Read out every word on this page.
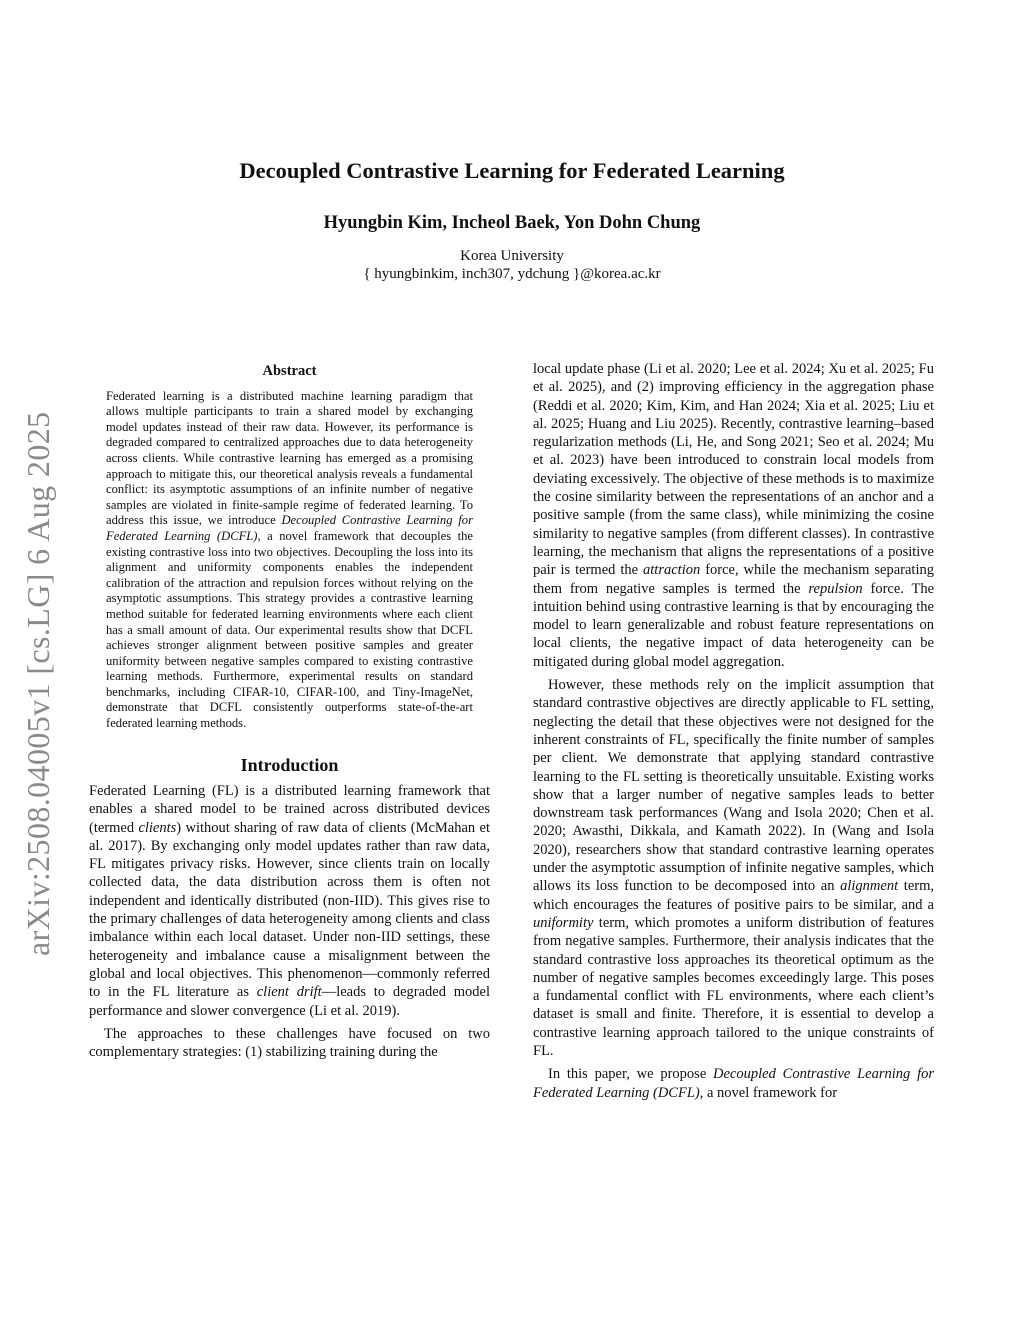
arXiv:2508.04005v1 [cs.LG] 6 Aug 2025
Decoupled Contrastive Learning for Federated Learning
Hyungbin Kim, Incheol Baek, Yon Dohn Chung
Korea University
{ hyungbinkim, inch307, ydchung }@korea.ac.kr
Abstract

Federated learning is a distributed machine learning paradigm that allows multiple participants to train a shared model by exchanging model updates instead of their raw data. However, its performance is degraded compared to centralized approaches due to data heterogeneity across clients. While contrastive learning has emerged as a promising approach to mitigate this, our theoretical analysis reveals a fundamental conflict: its asymptotic assumptions of an infinite number of negative samples are violated in finite-sample regime of federated learning. To address this issue, we introduce Decoupled Contrastive Learning for Federated Learning (DCFL), a novel framework that decouples the existing contrastive loss into two objectives. Decoupling the loss into its alignment and uniformity components enables the independent calibration of the attraction and repulsion forces without relying on the asymptotic assumptions. This strategy provides a contrastive learning method suitable for federated learning environments where each client has a small amount of data. Our experimental results show that DCFL achieves stronger alignment between positive samples and greater uniformity between negative samples compared to existing contrastive learning methods. Furthermore, experimental results on standard benchmarks, including CIFAR-10, CIFAR-100, and Tiny-ImageNet, demonstrate that DCFL consistently outperforms state-of-the-art federated learning methods.

Introduction

Federated Learning (FL) is a distributed learning framework that enables a shared model to be trained across distributed devices (termed clients) without sharing of raw data of clients (McMahan et al. 2017). By exchanging only model updates rather than raw data, FL mitigates privacy risks. However, since clients train on locally collected data, the data distribution across them is often not independent and identically distributed (non-IID). This gives rise to the primary challenges of data heterogeneity among clients and class imbalance within each local dataset. Under non-IID settings, these heterogeneity and imbalance cause a misalignment between the global and local objectives. This phenomenon—commonly referred to in the FL literature as client drift—leads to degraded model performance and slower convergence (Li et al. 2019).

The approaches to these challenges have focused on two complementary strategies: (1) stabilizing training during the

local update phase (Li et al. 2020; Lee et al. 2024; Xu et al. 2025; Fu et al. 2025), and (2) improving efficiency in the aggregation phase (Reddi et al. 2020; Kim, Kim, and Han 2024; Xia et al. 2025; Liu et al. 2025; Huang and Liu 2025). Recently, contrastive learning–based regularization methods (Li, He, and Song 2021; Seo et al. 2024; Mu et al. 2023) have been introduced to constrain local models from deviating excessively. The objective of these methods is to maximize the cosine similarity between the representations of an anchor and a positive sample (from the same class), while minimizing the cosine similarity to negative samples (from different classes). In contrastive learning, the mechanism that aligns the representations of a positive pair is termed the attraction force, while the mechanism separating them from negative samples is termed the repulsion force. The intuition behind using contrastive learning is that by encouraging the model to learn generalizable and robust feature representations on local clients, the negative impact of data heterogeneity can be mitigated during global model aggregation.

However, these methods rely on the implicit assumption that standard contrastive objectives are directly applicable to FL setting, neglecting the detail that these objectives were not designed for the inherent constraints of FL, specifically the finite number of samples per client. We demonstrate that applying standard contrastive learning to the FL setting is theoretically unsuitable. Existing works show that a larger number of negative samples leads to better downstream task performances (Wang and Isola 2020; Chen et al. 2020; Awasthi, Dikkala, and Kamath 2022). In (Wang and Isola 2020), researchers show that standard contrastive learning operates under the asymptotic assumption of infinite negative samples, which allows its loss function to be decomposed into an alignment term, which encourages the features of positive pairs to be similar, and a uniformity term, which promotes a uniform distribution of features from negative samples. Furthermore, their analysis indicates that the standard contrastive loss approaches its theoretical optimum as the number of negative samples becomes exceedingly large. This poses a fundamental conflict with FL environments, where each client’s dataset is small and finite. Therefore, it is essential to develop a contrastive learning approach tailored to the unique constraints of FL.

In this paper, we propose Decoupled Contrastive Learning for Federated Learning (DCFL), a novel framework for
